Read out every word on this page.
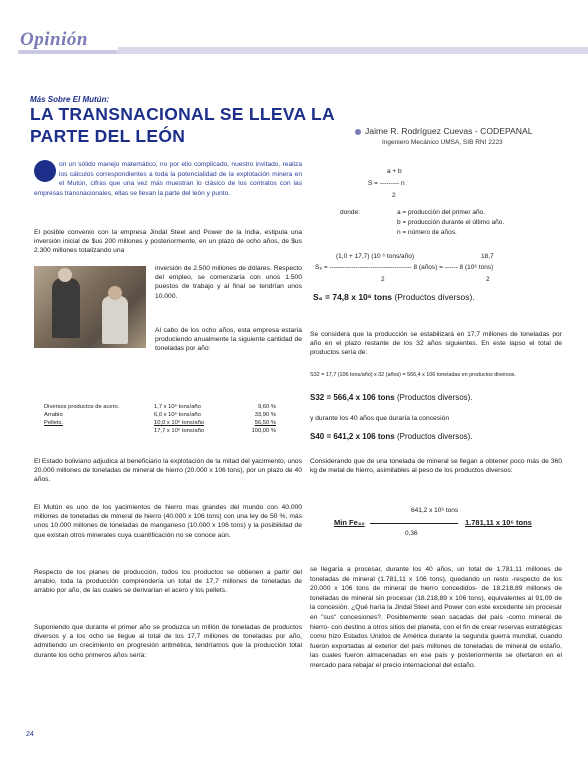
Opinión
Más Sobre El Mutún:
LA TRANSNACIONAL SE LLEVA LA PARTE DEL LEÓN	Jaime R. Rodríguez Cuevas - CODEPANAL
Ingeniero Mecánico UMSA, SIB RNI 2223
on un sólido manejo matemático, no por ello complicado, nuestro invitado, realiza los cálculos correspondientes a toda la potencialidad de la explotación minera en el Mutún, cifras que una vez más muestran lo clásico de los contratos con las empresas transnacionales, ellas se llevan la parte del león y punto.
El posible convenio con la empresa Jindal Steel and Power de la India, estipula una inversión inicial de $us 200 millones y posteriormente, en un plazo de ocho años, de $us 2.300 millones totalizando una
inversión de 2.500 millones de dólares. Respecto del empleo, se comenzaría con unos 1.500 puestos de trabajo y al final se tendrían unos 10.000.
Al cabo de los ocho años, esta empresa estaría produciendo anualmente la siguiente cantidad de toneladas por año:
Diversos productos de acero.	1,7 x 10⁶ tons/año	9,60 %
Arrabio	6,0 x 10⁶ tons/año	33,90 %
Pellets.	10,0 x 10⁶ tons/año	56,50 %
17,7 x 10⁶ tons/año	100,00 %
El Estado boliviano adjudica al beneficiario la explotación de la mitad del yacimiento, unos 20.000 millones de toneladas de mineral de hierro (20.000 x 106 tons), por un plazo de 40 años.
El Mutún es uno de los yacimientos de hierro mas grandes del mundo con 40.000 millones de toneladas de mineral de hierro (40.000 x 106 tons) con una ley de 50 %, más unos 10.000 millones de toneladas de manganeso (10.000 x 106 tons) y la posibilidad de que existan otros minerales cuya cuantificación no se conoce aún.
Respecto de los planes de producción, todos los productos se obtienen a partir del arrabio, toda la producción comprendería un total de 17,7 millones de toneladas de arrabio por año, de las cuales se derivarían el acero y los pellets.
Suponiendo que durante el primer año se produzca un millón de toneladas de productos diversos y a los ocho se llegue al total de los 17,7 millones de toneladas por año, admitiendo un crecimiento en progresión aritmética, tendríamos que la producción total durante los ocho primeros años sería:
a + b
S = --------- n
2
donde:	a = producción del primer año.
b = producción durante el último año.
n = número de años.
(1,0 + 17,7) (10 ⁶ tons/año)	18,7
S₈ = -------------------------------------- 8 (años) = ------ 8 (10⁶ tons)
2	2
S₈ = 74,8 x 10⁶ tons (Productos diversos).
Se considera que la producción se estabilizará en 17,7 millones de toneladas por año en el plazo restante de los 32 años siguientes. En este lapso el total de productos sería de:
S32 = 17,7 (106 tons/año) x 32 (años) = 566,4 x 106 toneladas en productos diversos.
S32 = 566,4 x 106 tons (Productos diversos).
y durante los 40 años que duraría la concesión
S40 = 641,2 x 106 tons (Productos diversos).
Considerando que de una tonelada de mineral se llegan a obtener poco más de 360 kg de metal de hierro, asimilables al peso de los productos diversos:
641,2 x 10⁶ tons
Min Fe₄₀	1.781,11 x 10⁶ tons
0,36
se llegaría a procesar, durante los 40 años, un total de 1.781,11 millones de toneladas de mineral (1.781,11 x 106 tons), quedando un resto -respecto de los 20.000 x 106 tons de mineral de hierro concedidos- de 18.218,89 millones de toneladas de mineral sin procesar (18.218,89 x 106 tons), equivalentes al 91,09 de la concesión. ¿Qué haría la Jindal Steel and Power con este excedente sin procesar en "sus" concesiones?. Posiblemente sean sacadas del país -como mineral de hierro- con destino a otros sitios del planeta, con el fin de crear reservas estratégicas como hizo Estados Unidos de América durante la segunda guerra mundial, cuando fueron exportadas al exterior del país millones de toneladas de mineral de estaño, las cuales fueron almacenadas en ese país y posteriormente se ofertaron en el mercado para rebajar el precio internacional del estaño.
24
